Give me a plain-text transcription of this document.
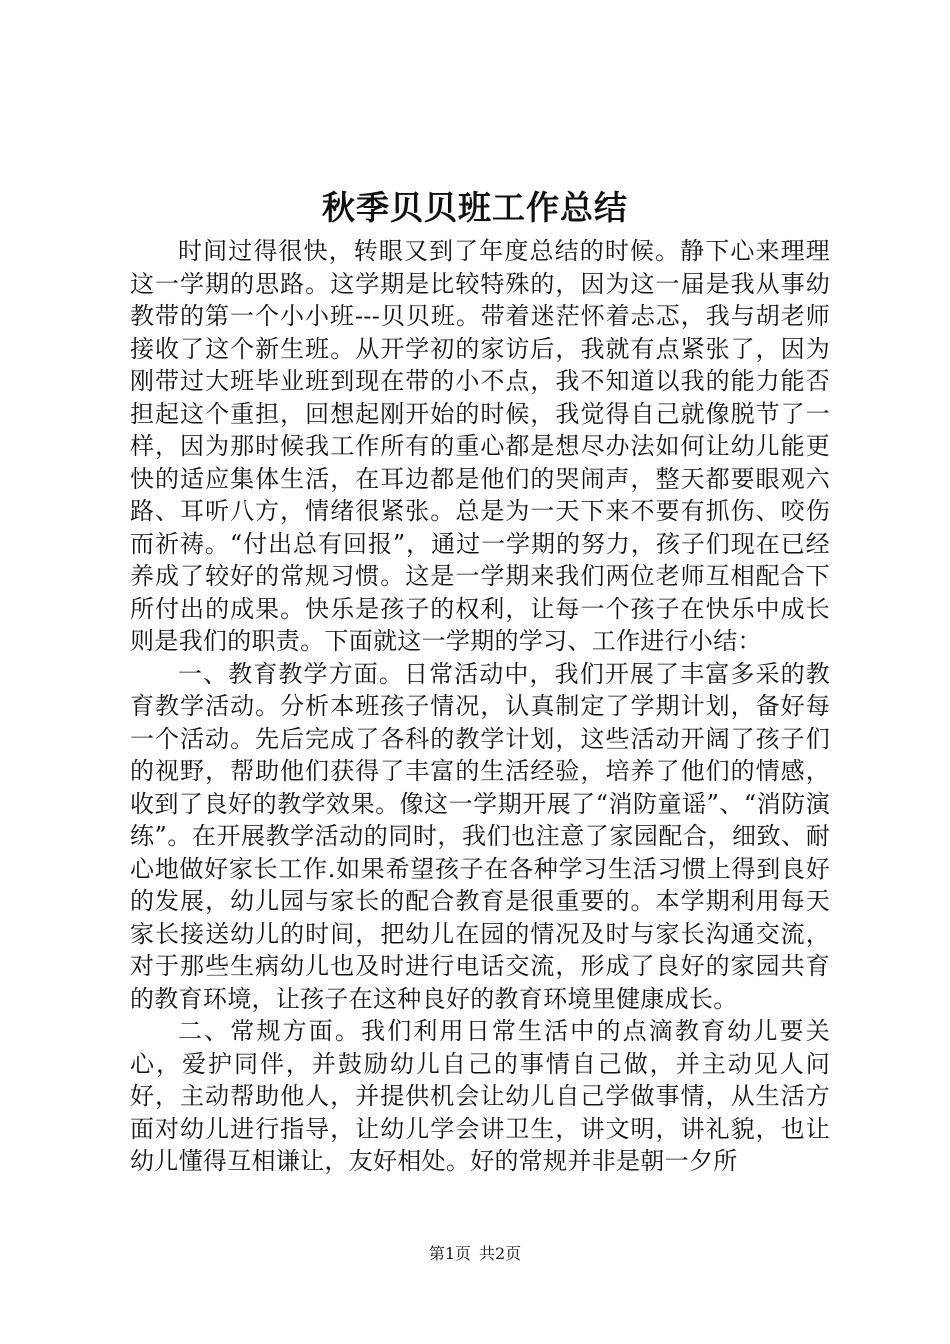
秋季贝贝班工作总结

时间过得很快，转眼又到了年度总结的时候。静下心来理理这一学期的思路。这学期是比较特殊的，因为这一届是我从事幼教带的第一个小小班---贝贝班。带着迷茫怀着忐忑，我与胡老师接收了这个新生班。从开学初的家访后，我就有点紧张了，因为刚带过大班毕业班到现在带的小不点，我不知道以我的能力能否担起这个重担，回想起刚开始的时候，我觉得自己就像脱节了一样，因为那时候我工作所有的重心都是想尽办法如何让幼儿能更快的适应集体生活，在耳边都是他们的哭闹声，整天都要眼观六路、耳听八方，情绪很紧张。总是为一天下来不要有抓伤、咬伤而祈祷。“付出总有回报”，通过一学期的努力，孩子们现在已经养成了较好的常规习惯。这是一学期来我们两位老师互相配合下所付出的成果。快乐是孩子的权利，让每一个孩子在快乐中成长则是我们的职责。下面就这一学期的学习、工作进行小结：

一、教育教学方面。日常活动中，我们开展了丰富多采的教育教学活动。分析本班孩子情况，认真制定了学期计划，备好每一个活动。先后完成了各科的教学计划，这些活动开阔了孩子们的视野，帮助他们获得了丰富的生活经验，培养了他们的情感，收到了良好的教学效果。像这一学期开展了“消防童谣”、“消防演练”。在开展教学活动的同时，我们也注意了家园配合，细致、耐心地做好家长工作.如果希望孩子在各种学习生活习惯上得到良好的发展，幼儿园与家长的配合教育是很重要的。本学期利用每天家长接送幼儿的时间，把幼儿在园的情况及时与家长沟通交流，对于那些生病幼儿也及时进行电话交流，形成了良好的家园共育的教育环境，让孩子在这种良好的教育环境里健康成长。

二、常规方面。我们利用日常生活中的点滴教育幼儿要关心，爱护同伴，并鼓励幼儿自己的事情自己做，并主动见人问好，主动帮助他人，并提供机会让幼儿自己学做事情，从生活方面对幼儿进行指导，让幼儿学会讲卫生，讲文明，讲礼貌，也让幼儿懂得互相谦让，友好相处。好的常规并非是朝一夕所

第1页 共2页
